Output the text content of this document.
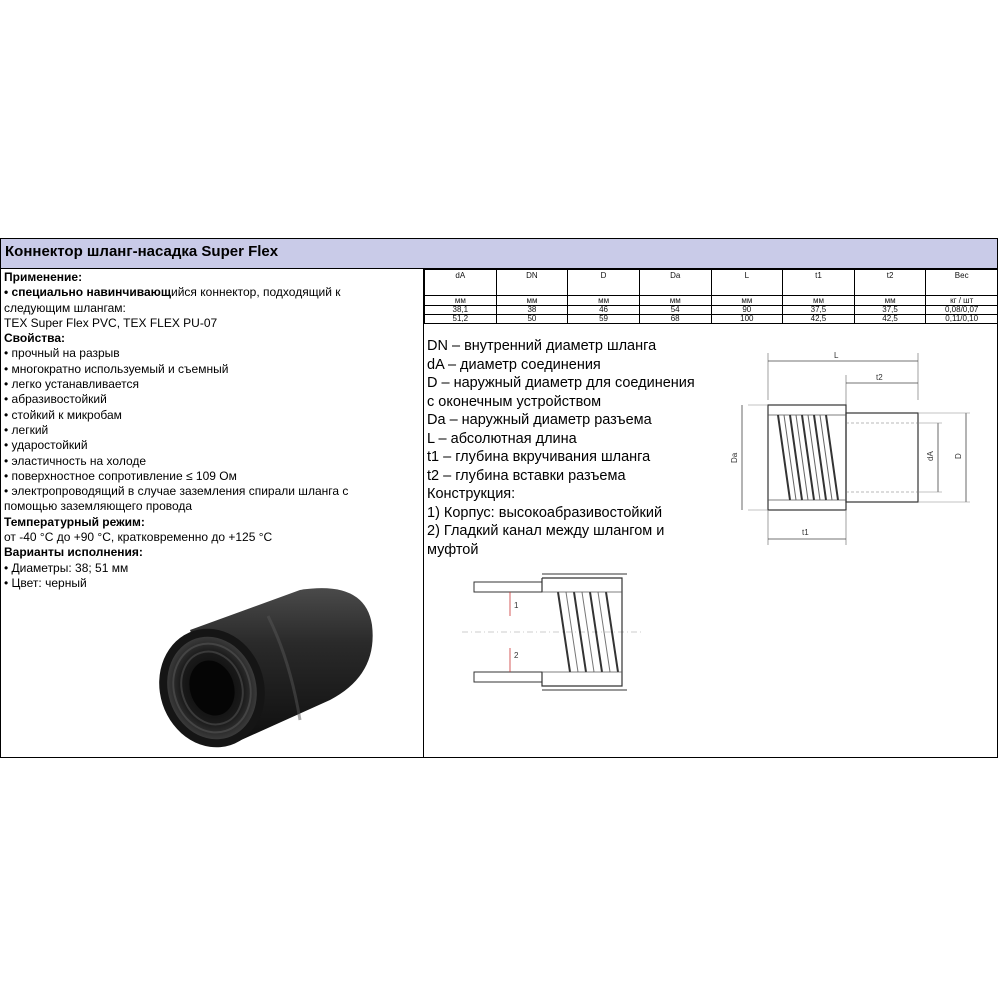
Коннектор шланг-насадка Super Flex
Применение:
• специально навинчивающийся коннектор, подходящий к
следующим шлангам:
TEX Super Flex PVC, TEX FLEX PU-07
Свойства:
• прочный на разрыв
• многократно используемый и съемный
• легко устанавливается
• абразивостойкий
• стойкий к микробам
• легкий
• ударостойкий
• эластичность на холоде
• поверхностное сопротивление ≤ 109 Ом
• электропроводящий в случае заземления спирали шланга с
помощью заземляющего провода
Температурный режим:
от -40 °С до +90 °С, кратковременно до +125 °С
Варианты исполнения:
• Диаметры: 38; 51 мм
• Цвет: черный
dA	DN	D	Da	L	t1	t2	Вес
мм	мм	мм	мм	мм	мм	мм	кг / шт
38,1	38	46	54	90	37,5	37,5	0,08/0,07
51,2	50	59	68	100	42,5	42,5	0,11/0,10
DN – внутренний диаметр шланга
dA – диаметр соединения
D – наружный диаметр для соединения
с оконечным устройством
Da – наружный диаметр разъема
L – абсолютная длина
t1 – глубина вкручивания шланга
t2 – глубина вставки разъема
Конструкция:
1) Корпус: высокоабразивостойкий
2) Гладкий канал между шлангом и
муфтой
L
t2
Da	dA D
t1
1
2
